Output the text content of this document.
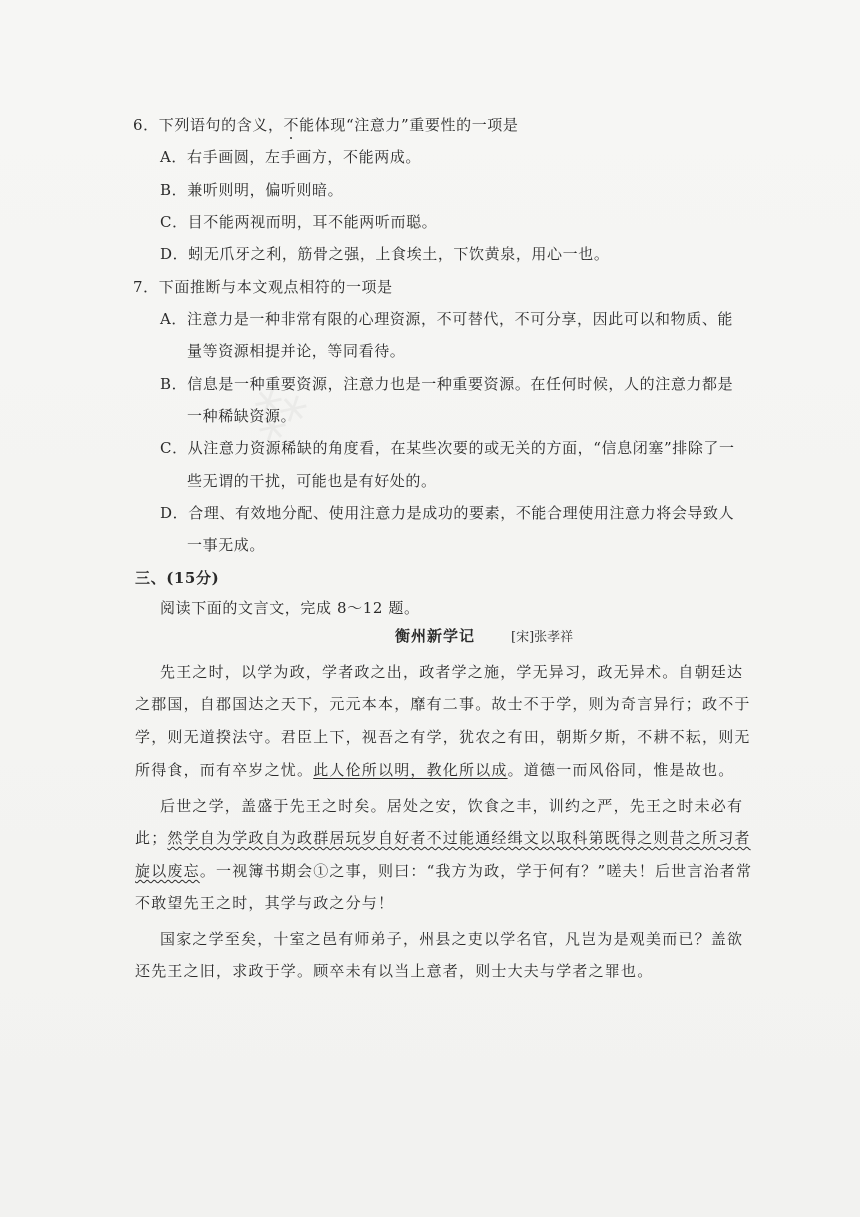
6．下列语句的含义，不能体现“注意力”重要性的一项是
A．右手画圆，左手画方，不能两成。
B．兼听则明，偏听则暗。
C．目不能两视而明，耳不能两听而聪。
D．蚓无爪牙之利，筋骨之强，上食埃土，下饮黄泉，用心一也。
7．下面推断与本文观点相符的一项是
A．注意力是一种非常有限的心理资源，不可替代，不可分享，因此可以和物质、能
量等资源相提并论，等同看待。
B．信息是一种重要资源，注意力也是一种重要资源。在任何时候，人的注意力都是
一种稀缺资源。
C．从注意力资源稀缺的角度看，在某些次要的或无关的方面，“信息闭塞”排除了一
些无谓的干扰，可能也是有好处的。
D．合理、有效地分配、使用注意力是成功的要素，不能合理使用注意力将会导致人
一事无成。
三、(15分)
阅读下面的文言文，完成 8～12 题。
衡州新学记	[宋]张孝祥
先王之时，以学为政，学者政之出，政者学之施，学无异习，政无异术。自朝廷达
之郡国，自郡国达之天下，元元本本，靡有二事。故士不于学，则为奇言异行；政不于
学，则无道揆法守。君臣上下，视吾之有学，犹农之有田，朝斯夕斯，不耕不耘，则无
所得食，而有卒岁之忧。此人伦所以明，教化所以成。道德一而风俗同，惟是故也。
后世之学，盖盛于先王之时矣。居处之安，饮食之丰，训约之严，先王之时未必有
此；然学自为学政自为政群居玩岁自好者不过能通经缉文以取科第既得之则昔之所习者
旋以废忘。一视簿书期会①之事，则曰：“我方为政，学于何有？”嗟夫！后世言治者常
不敢望先王之时，其学与政之分与！
国家之学至矣，十室之邑有师弟子，州县之吏以学名官，凡岂为是观美而已？盖欲
还先王之旧，求政于学。顾卒未有以当上意者，则士大夫与学者之罪也。
